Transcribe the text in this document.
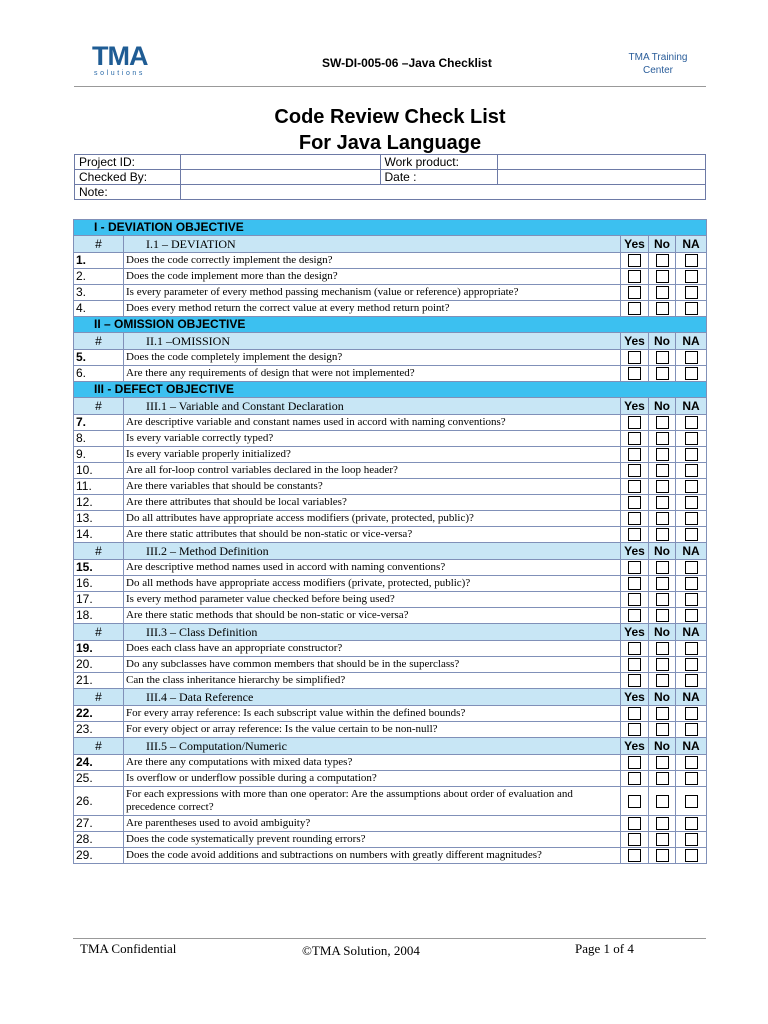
TMA
solutions
SW-DI-005-06 –Java Checklist	TMA Training
Center
Code Review Check List
For Java Language
Project ID:		Work product:	
Checked By:		Date :	
Note:			
I - DEVIATION OBJECTIVE				
#	I.1 – DEVIATION	Yes	No	NA
1.	Does the code correctly implement the design?			
2.	Does the code implement more than the design?			
3.	Is every parameter of every method passing mechanism (value or reference) appropriate?			
4.	Does every method return the correct value at every method return point?			
II – OMISSION OBJECTIVE				
#	II.1 –OMISSION	Yes	No	NA
5.	Does the code completely implement the design?			
6.	Are there any requirements of design that were not implemented?			
III - DEFECT OBJECTIVE				
#	III.1 – Variable and Constant Declaration	Yes	No	NA
7.	Are descriptive variable and constant names used in accord with naming conventions?			
8.	Is every variable correctly typed?			
9.	Is every variable properly initialized?			
10.	Are all for-loop control variables declared in the loop header?			
11.	Are there variables that should be constants?			
12.	Are there attributes that should be local variables?			
13.	Do all attributes have appropriate access modifiers (private, protected, public)?			
14.	Are there static attributes that should be non-static or vice-versa?			
#	III.2 – Method Definition	Yes	No	NA
15.	Are descriptive method names used in accord with naming conventions?			
16.	Do all methods have appropriate access modifiers (private, protected, public)?			
17.	Is every method parameter value checked before being used?			
18.	Are there static methods that should be non-static or vice-versa?			
#	III.3 – Class Definition	Yes	No	NA
19.	Does each class have an appropriate constructor?			
20.	Do any subclasses have common members that should be in the superclass?			
21.	Can the class inheritance hierarchy be simplified?			
#	III.4 – Data Reference	Yes	No	NA
22.	For every array reference: Is each subscript value within the defined bounds?			
23.	For every object or array reference: Is the value certain to be non-null?			
#	III.5 – Computation/Numeric	Yes	No	NA
24.	Are there any computations with mixed data types?			
25.	Is overflow or underflow possible during a computation?			
26.	For each expressions with more than one operator: Are the assumptions about order of evaluation and precedence correct?			
27.	Are parentheses used to avoid ambiguity?			
28.	Does the code systematically prevent rounding errors?			
29.	Does the code avoid additions and subtractions on numbers with greatly different magnitudes?			
TMA Confidential	©TMA Solution, 2004	Page 1 of 4
